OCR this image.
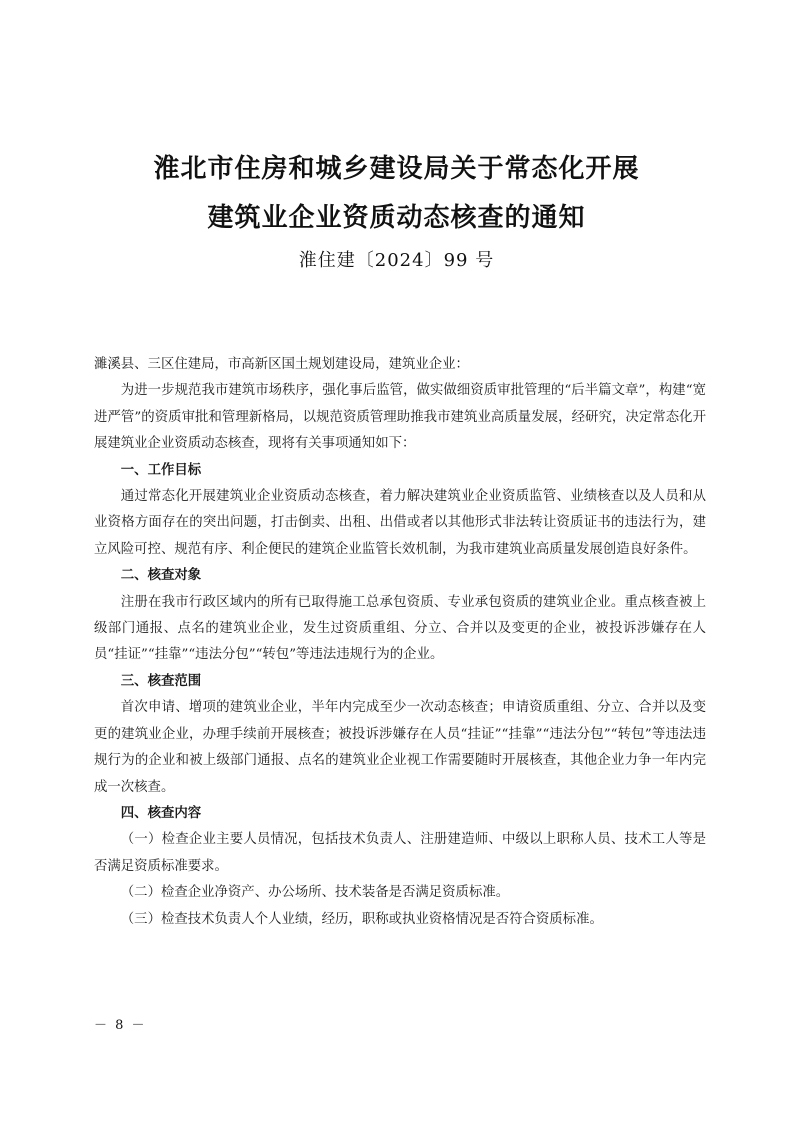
淮北市住房和城乡建设局关于常态化开展
建筑业企业资质动态核查的通知
淮住建〔2024〕99 号

濉溪县、三区住建局，市高新区国土规划建设局，建筑业企业：

为进一步规范我市建筑市场秩序，强化事后监管，做实做细资质审批管理的“后半篇文章”，构建“宽进严管”的资质审批和管理新格局，以规范资质管理助推我市建筑业高质量发展，经研究，决定常态化开展建筑业企业资质动态核查，现将有关事项通知如下：

一、工作目标

通过常态化开展建筑业企业资质动态核查，着力解决建筑业企业资质监管、业绩核查以及人员和从业资格方面存在的突出问题，打击倒卖、出租、出借或者以其他形式非法转让资质证书的违法行为，建立风险可控、规范有序、利企便民的建筑企业监管长效机制，为我市建筑业高质量发展创造良好条件。

二、核查对象

注册在我市行政区域内的所有已取得施工总承包资质、专业承包资质的建筑业企业。重点核查被上级部门通报、点名的建筑业企业，发生过资质重组、分立、合并以及变更的企业，被投诉涉嫌存在人员“挂证”“挂靠”“违法分包”“转包”等违法违规行为的企业。

三、核查范围

首次申请、增项的建筑业企业，半年内完成至少一次动态核查；申请资质重组、分立、合并以及变更的建筑业企业，办理手续前开展核查；被投诉涉嫌存在人员“挂证”“挂靠”“违法分包”“转包”等违法违规行为的企业和被上级部门通报、点名的建筑业企业视工作需要随时开展核查，其他企业力争一年内完成一次核查。

四、核查内容

（一）检查企业主要人员情况，包括技术负责人、注册建造师、中级以上职称人员、技术工人等是否满足资质标准要求。

（二）检查企业净资产、办公场所、技术装备是否满足资质标准。

（三）检查技术负责人个人业绩，经历，职称或执业资格情况是否符合资质标准。

－ 8 －
